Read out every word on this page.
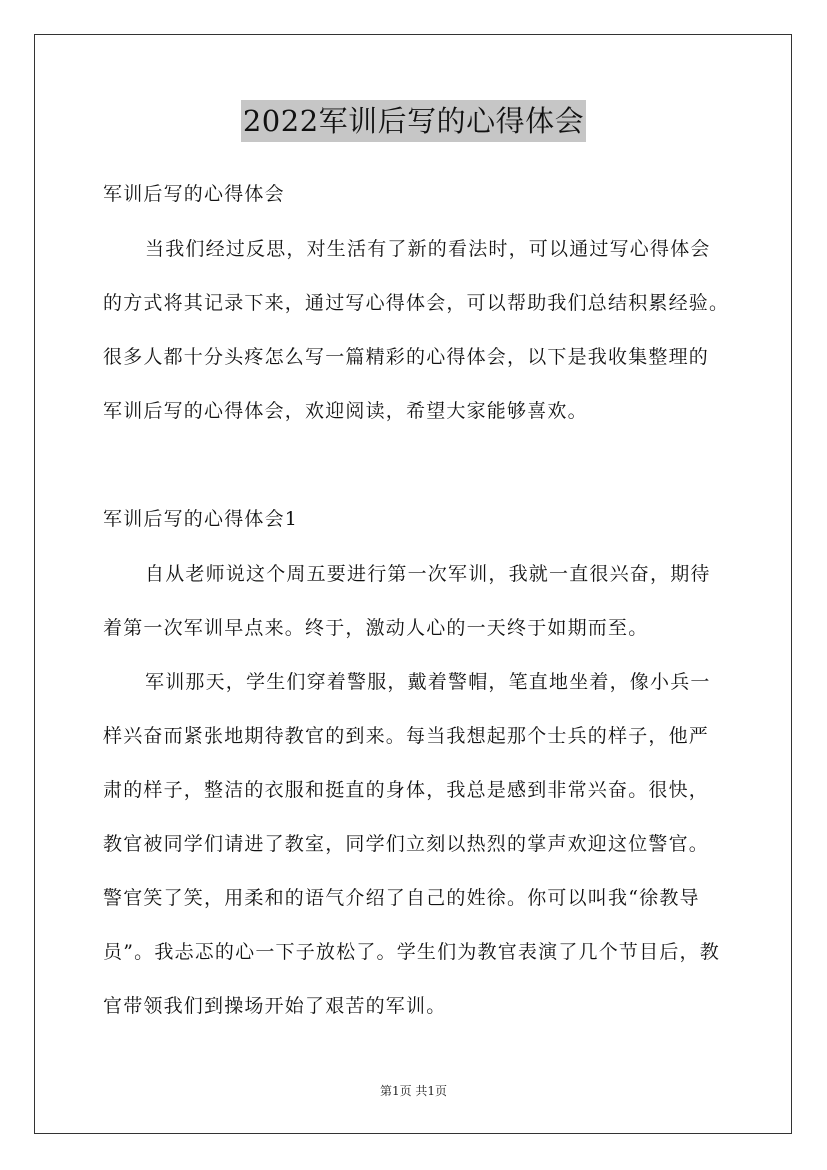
2022军训后写的心得体会
军训后写的心得体会
当我们经过反思，对生活有了新的看法时，可以通过写心得体会
的方式将其记录下来，通过写心得体会，可以帮助我们总结积累经验。
很多人都十分头疼怎么写一篇精彩的心得体会，以下是我收集整理的
军训后写的心得体会，欢迎阅读，希望大家能够喜欢。
军训后写的心得体会1
自从老师说这个周五要进行第一次军训，我就一直很兴奋，期待
着第一次军训早点来。终于，激动人心的一天终于如期而至。
军训那天，学生们穿着警服，戴着警帽，笔直地坐着，像小兵一
样兴奋而紧张地期待教官的到来。每当我想起那个士兵的样子，他严
肃的样子，整洁的衣服和挺直的身体，我总是感到非常兴奋。很快，
教官被同学们请进了教室，同学们立刻以热烈的掌声欢迎这位警官。
警官笑了笑，用柔和的语气介绍了自己的姓徐。你可以叫我“徐教导
员”。我忐忑的心一下子放松了。学生们为教官表演了几个节目后，教
官带领我们到操场开始了艰苦的军训。
第1页 共1页
